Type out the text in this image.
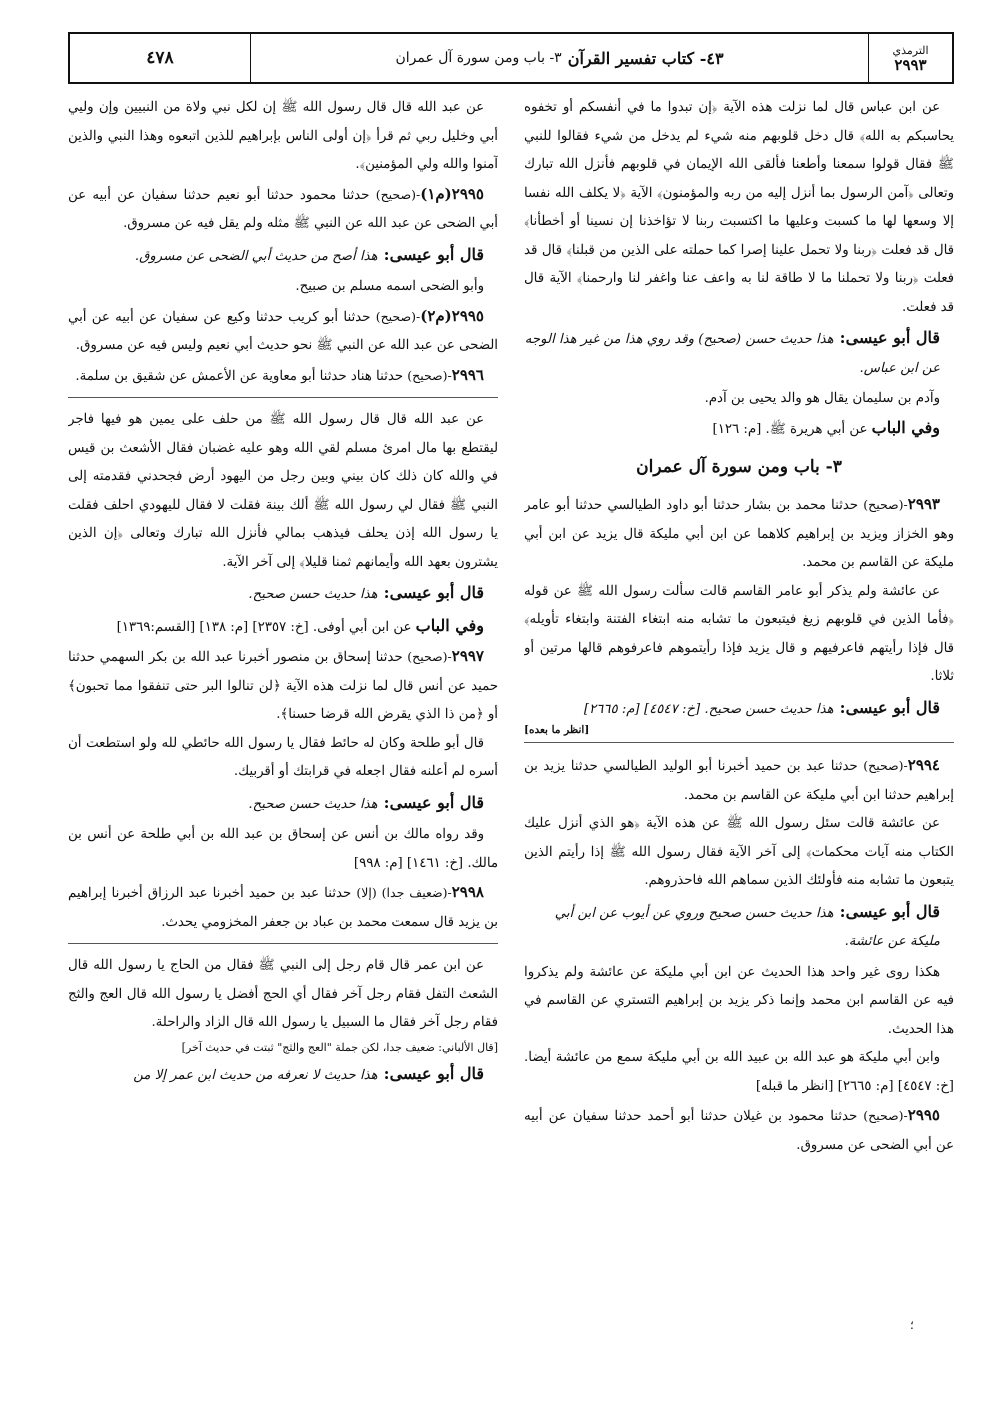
الترمذي
٢٩٩٣
٤٣- كتاب تفسير القرآن
٣- باب ومن سورة آل عمران
٤٧٨

عن ابن عباس قال لما نزلت هذه الآية ﴿إن تبدوا ما في أنفسكم أو تخفوه يحاسبكم به الله﴾ قال دخل قلوبهم منه شيء لم يدخل من شيء فقالوا للنبي ﷺ فقال قولوا سمعنا وأطعنا فألقى الله الإيمان في قلوبهم فأنزل الله تبارك وتعالى ﴿آمن الرسول بما أنزل إليه من ربه والمؤمنون﴾ الآية ﴿لا يكلف الله نفسا إلا وسعها لها ما كسبت وعليها ما اكتسبت ربنا لا تؤاخذنا إن نسينا أو أخطأنا﴾ قال قد فعلت ﴿ربنا ولا تحمل علينا إصرا كما حملته على الذين من قبلنا﴾ قال قد فعلت ﴿ربنا ولا تحملنا ما لا طاقة لنا به واعف عنا واغفر لنا وارحمنا﴾ الآية قال قد فعلت.

قال أبو عيسى:هذا حديث حسن (صحيح) وقد روي هذا من غير هذا الوجه عن ابن عباس.

وآدم بن سليمان يقال هو والد يحيى بن آدم.

وفي الباب عن أبي هريرة ﷺ. [م: ١٢٦]

٣- باب ومن سورة آل عمران

٢٩٩٣-(صحيح) حدثنا محمد بن بشار حدثنا أبو داود الطيالسي حدثنا أبو عامر وهو الخزاز ويزيد بن إبراهيم كلاهما عن ابن أبي مليكة قال يزيد عن ابن أبي مليكة عن القاسم بن محمد.

عن عائشة ولم يذكر أبو عامر القاسم قالت سألت رسول الله ﷺ عن قوله ﴿فأما الذين في قلوبهم زيغ فيتبعون ما تشابه منه ابتغاء الفتنة وابتغاء تأويله﴾ قال فإذا رأيتهم فاعرفيهم و قال يزيد فإذا رأيتموهم فاعرفوهم قالها مرتين أو ثلاثا.

قال أبو عيسى:هذا حديث حسن صحيح. [خ: ٤٥٤٧] [م: ٢٦٦٥]

[انظر ما بعده]

٢٩٩٤-(صحيح) حدثنا عبد بن حميد أخبرنا أبو الوليد الطيالسي حدثنا يزيد بن إبراهيم حدثنا ابن أبي مليكة عن القاسم بن محمد.

عن عائشة قالت سئل رسول الله ﷺ عن هذه الآية ﴿هو الذي أنزل عليك الكتاب منه آيات محكمات﴾ إلى آخر الآية فقال رسول الله ﷺ إذا رأيتم الذين يتبعون ما تشابه منه فأولئك الذين سماهم الله فاحذروهم.

قال أبو عيسى:هذا حديث حسن صحيح وروي عن أيوب عن ابن أبي مليكة عن عائشة.

هكذا روى غير واحد هذا الحديث عن ابن أبي مليكة عن عائشة ولم يذكروا فيه عن القاسم ابن محمد وإنما ذكر يزيد بن إبراهيم التستري عن القاسم في هذا الحديث.

وابن أبي مليكة هو عبد الله بن عبيد الله بن أبي مليكة سمع من عائشة أيضا. [خ: ٤٥٤٧] [م: ٢٦٦٥] [انظر ما قبله]

٢٩٩٥-(صحيح) حدثنا محمود بن غيلان حدثنا أبو أحمد حدثنا سفيان عن أبيه عن أبي الضحى عن مسروق.

عن عبد الله قال قال رسول الله ﷺ إن لكل نبي ولاة من النبيين وإن وليي أبي وخليل ربي ثم قرأ ﴿إن أولى الناس بإبراهيم للذين اتبعوه وهذا النبي والذين آمنوا والله ولي المؤمنين﴾.

٢٩٩٥(م١)-(صحيح) حدثنا محمود حدثنا أبو نعيم حدثنا سفيان عن أبيه عن أبي الضحى عن عبد الله عن النبي ﷺ مثله ولم يقل فيه عن مسروق.

قال أبو عيسى:هذا أصح من حديث أبي الضحى عن مسروق.

وأبو الضحى اسمه مسلم بن صبيح.

٢٩٩٥(م٢)-(صحيح) حدثنا أبو كريب حدثنا وكيع عن سفيان عن أبيه عن أبي الضحى عن عبد الله عن النبي ﷺ نحو حديث أبي نعيم وليس فيه عن مسروق.

٢٩٩٦-(صحيح) حدثنا هناد حدثنا أبو معاوية عن الأعمش عن شقيق بن سلمة.

عن عبد الله قال قال رسول الله ﷺ من حلف على يمين هو فيها فاجر ليقتطع بها مال امرئ مسلم لقي الله وهو عليه غضبان فقال الأشعث بن قيس في والله كان ذلك كان بيني وبين رجل من اليهود أرض فجحدني فقدمته إلى النبي ﷺ فقال لي رسول الله ﷺ ألك بينة فقلت لا فقال لليهودي احلف فقلت يا رسول الله إذن يحلف فيذهب بمالي فأنزل الله تبارك وتعالى ﴿إن الذين يشترون بعهد الله وأيمانهم ثمنا قليلا﴾ إلى آخر الآية.

قال أبو عيسى:هذا حديث حسن صحيح.

وفي الباب عن ابن أبي أوفى. [خ: ٢٣٥٧] [م: ١٣٨] [القسم:١٣٦٩]

٢٩٩٧-(صحيح) حدثنا إسحاق بن منصور أخبرنا عبد الله بن بكر السهمي حدثنا حميد عن أنس قال لما نزلت هذه الآية ﴿لن تنالوا البر حتى تنفقوا مما تحبون﴾ أو ﴿من ذا الذي يقرض الله قرضا حسنا﴾.

قال أبو طلحة وكان له حائط فقال يا رسول الله حائطي لله ولو استطعت أن أسره لم أعلنه فقال اجعله في قرابتك أو أقربيك.

قال أبو عيسى:هذا حديث حسن صحيح.

وقد رواه مالك بن أنس عن إسحاق بن عبد الله بن أبي طلحة عن أنس بن مالك. [خ: ١٤٦١] [م: ٩٩٨]

٢٩٩٨-(ضعيف جدا) (إلا) حدثنا عبد بن حميد أخبرنا عبد الرزاق أخبرنا إبراهيم بن يزيد قال سمعت محمد بن عباد بن جعفر المخزومي يحدث.

عن ابن عمر قال قام رجل إلى النبي ﷺ فقال من الحاج يا رسول الله قال الشعث التفل فقام رجل آخر فقال أي الحج أفضل يا رسول الله قال العج والثج فقام رجل آخر فقال ما السبيل يا رسول الله قال الزاد والراحلة.

[قال الألباني: ضعيف جدا، لكن جملة "العج والثج" ثبتت في حديث آخر]

قال أبو عيسى:هذا حديث لا نعرفه من حديث ابن عمر إلا من

؛
